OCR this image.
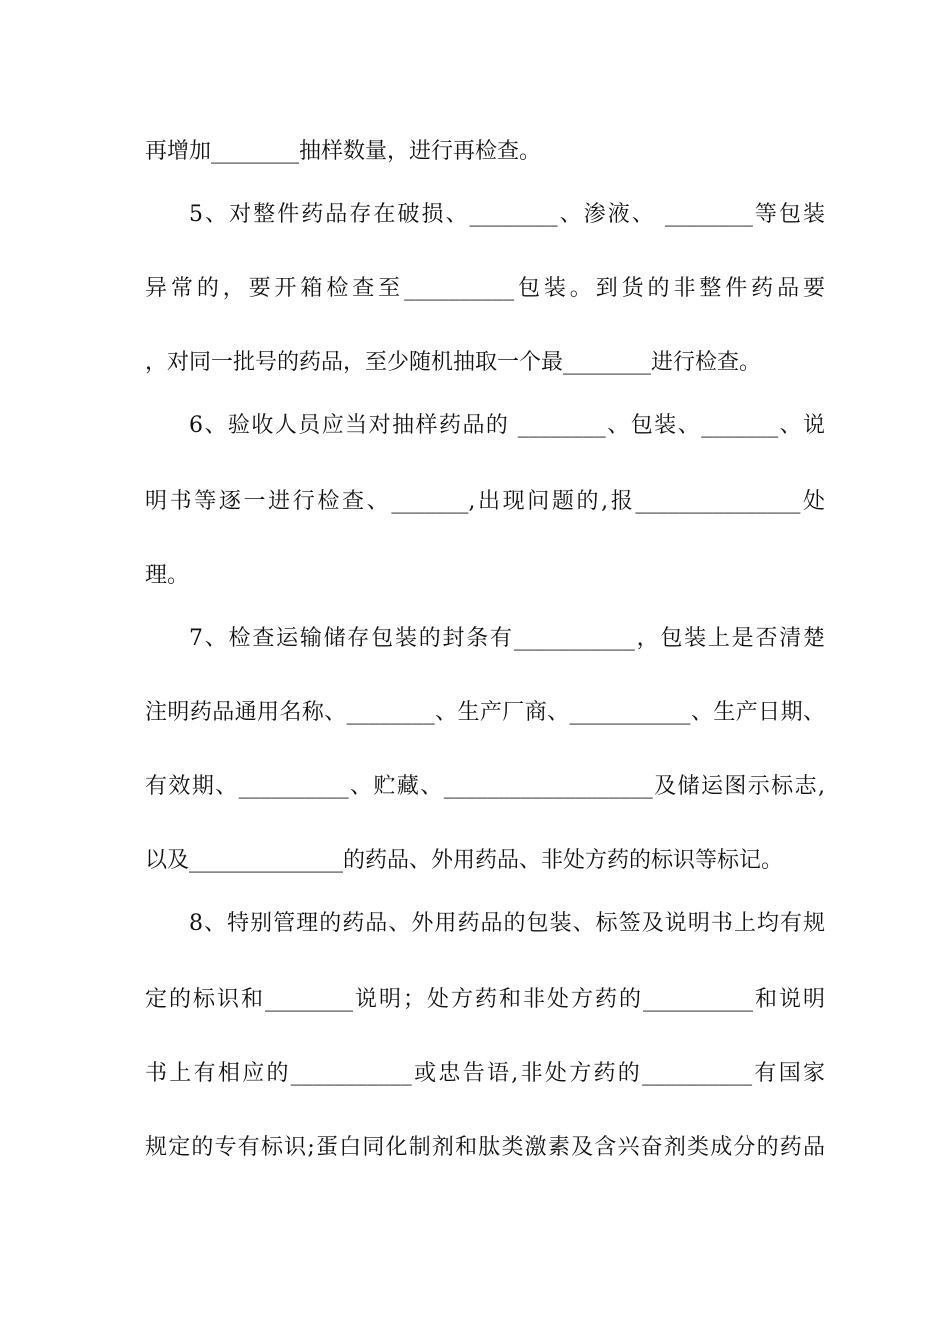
再增加________抽样数量，进行再检查。
5、对整件药品存在破损、________、渗液、 ________等包装
异常的，要开箱检查至__________包装。到货的非整件药品要
，对同一批号的药品，至少随机抽取一个最________进行检查。
6、验收人员应当对抽样药品的 ________、包装、_______、说
明书等逐一进行检查、_______,出现问题的,报_______________处
理。
7、检查运输储存包装的封条有___________，包装上是否清楚
注明药品通用名称、________、生产厂商、___________、生产日期、
有效期、__________、贮藏、___________________及储运图示标志,
以及______________的药品、外用药品、非处方药的标识等标记。
8、特别管理的药品、外用药品的包装、标签及说明书上均有规
定的标识和________说明；处方药和非处方药的__________和说明
书上有相应的___________或忠告语,非处方药的__________有国家
规定的专有标识;蛋白同化制剂和肽类激素及含兴奋剂类成分的药品
